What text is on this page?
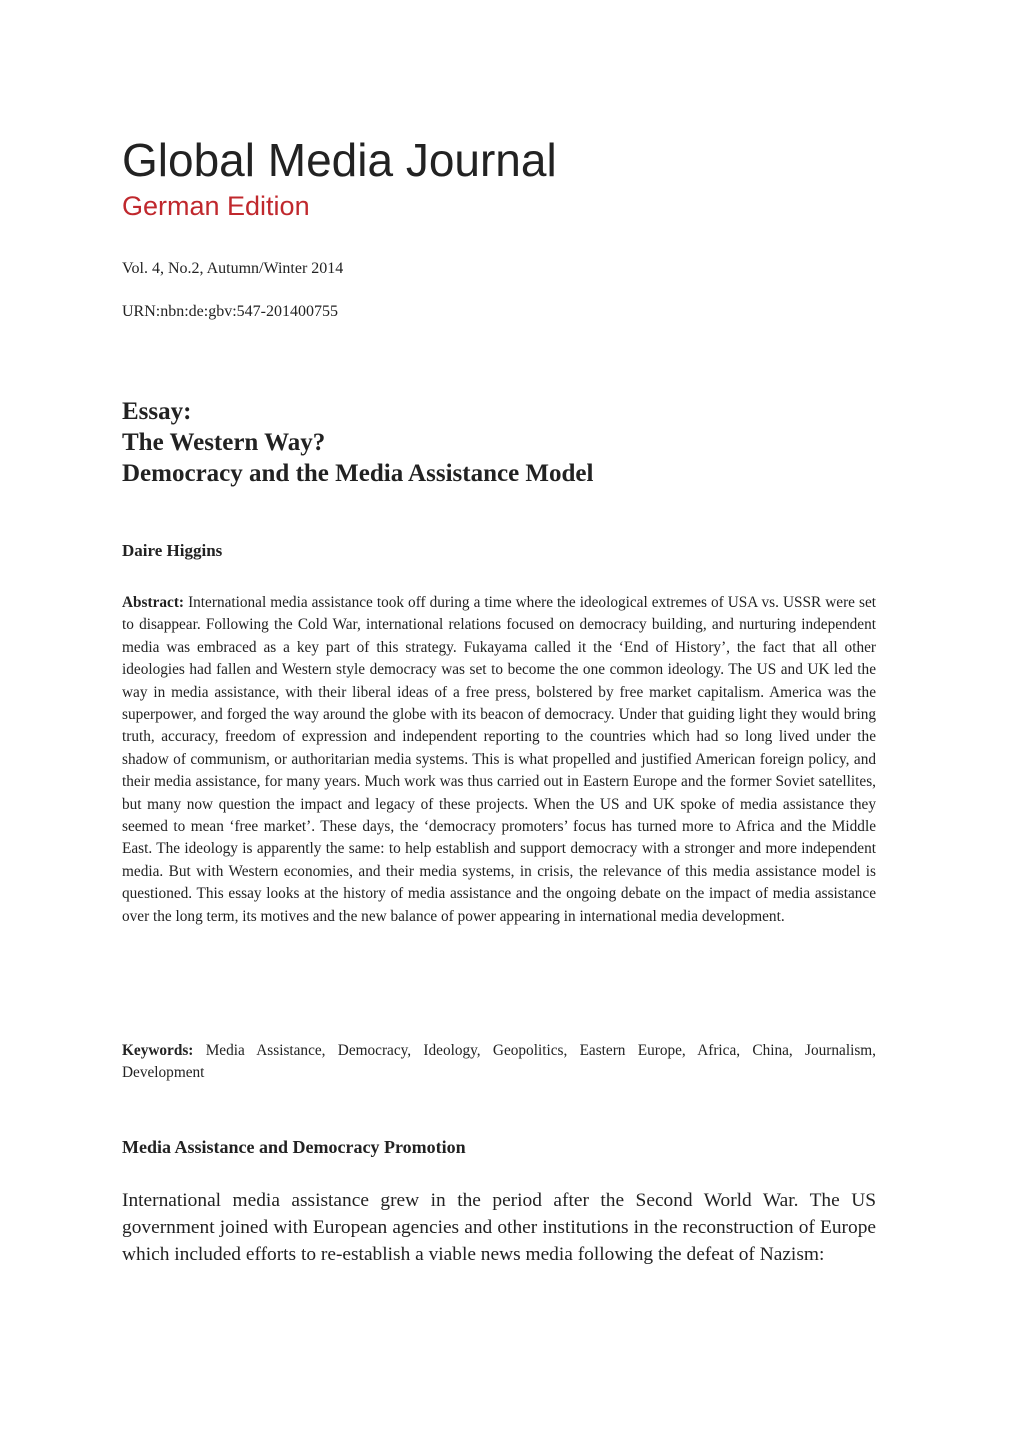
Global Media Journal
German Edition

Vol. 4, No.2, Autumn/Winter 2014

URN:nbn:de:gbv:547-201400755

Essay:
The Western Way?
Democracy and the Media Assistance Model

Daire Higgins

Abstract: International media assistance took off during a time where the ideological extremes of USA vs. USSR were set to disappear. Following the Cold War, international relations focused on democracy building, and nurturing independent media was embraced as a key part of this strategy. Fukayama called it the ‘End of History’, the fact that all other ideologies had fallen and Western style democracy was set to become the one common ideology. The US and UK led the way in media assistance, with their liberal ideas of a free press, bolstered by free market capitalism. America was the superpower, and forged the way around the globe with its beacon of democracy. Under that guiding light they would bring truth, accuracy, freedom of expression and independent reporting to the countries which had so long lived under the shadow of communism, or authoritarian media systems. This is what propelled and justified American foreign policy, and their media assistance, for many years. Much work was thus carried out in Eastern Europe and the former Soviet satellites, but many now question the impact and legacy of these projects. When the US and UK spoke of media assistance they seemed to mean ‘free market’. These days, the ‘democracy promoters’ focus has turned more to Africa and the Middle East. The ideology is apparently the same: to help establish and support democracy with a stronger and more independent media. But with Western economies, and their media systems, in crisis, the relevance of this media assistance model is questioned. This essay looks at the history of media assistance and the ongoing debate on the impact of media assistance over the long term, its motives and the new balance of power appearing in international media development.

Keywords: Media Assistance, Democracy, Ideology, Geopolitics, Eastern Europe, Africa, China, Journalism, Development

Media Assistance and Democracy Promotion

International media assistance grew in the period after the Second World War. The US government joined with European agencies and other institutions in the reconstruction of Europe which included efforts to re-establish a viable news media following the defeat of Nazism:
